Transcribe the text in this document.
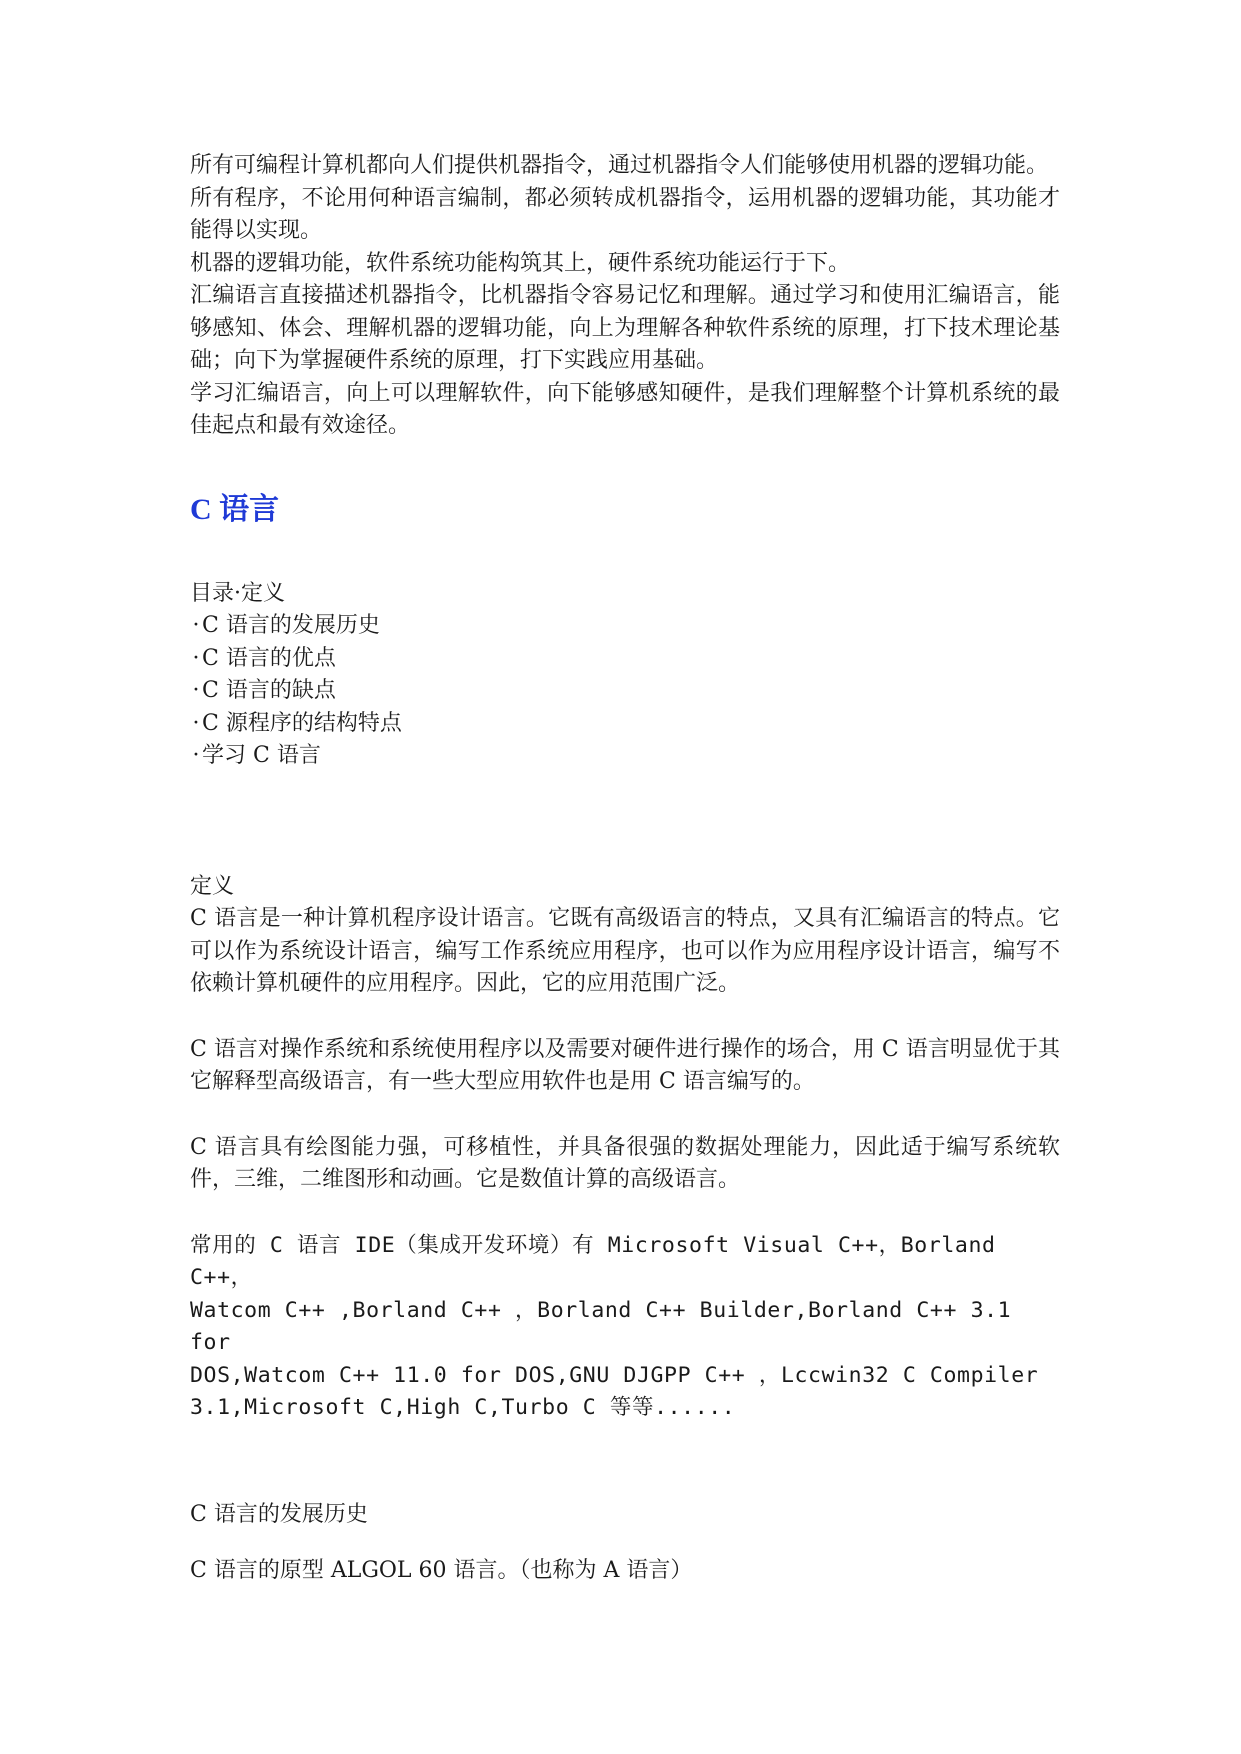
所有可编程计算机都向人们提供机器指令，通过机器指令人们能够使用机器的逻辑功能。

所有程序，不论用何种语言编制，都必须转成机器指令，运用机器的逻辑功能，其功能才能得以实现。

机器的逻辑功能，软件系统功能构筑其上，硬件系统功能运行于下。

汇编语言直接描述机器指令，比机器指令容易记忆和理解。通过学习和使用汇编语言，能够感知、体会、理解机器的逻辑功能，向上为理解各种软件系统的原理，打下技术理论基础；向下为掌握硬件系统的原理，打下实践应用基础。

学习汇编语言，向上可以理解软件，向下能够感知硬件，是我们理解整个计算机系统的最佳起点和最有效途径。

C 语言

目录·定义

· C 语言的发展历史
· C 语言的优点
· C 语言的缺点
· C 源程序的结构特点
· 学习 C 语言

定义

C 语言是一种计算机程序设计语言。它既有高级语言的特点，又具有汇编语言的特点。它可以作为系统设计语言，编写工作系统应用程序，也可以作为应用程序设计语言，编写不依赖计算机硬件的应用程序。因此，它的应用范围广泛。

C 语言对操作系统和系统使用程序以及需要对硬件进行操作的场合，用 C 语言明显优于其它解释型高级语言，有一些大型应用软件也是用 C 语言编写的。

C 语言具有绘图能力强，可移植性，并具备很强的数据处理能力，因此适于编写系统软件，三维，二维图形和动画。它是数值计算的高级语言。

常用的 C 语言 IDE（集成开发环境）有 Microsoft Visual C++，Borland C++，
Watcom C++ ,Borland C++ ，Borland C++ Builder,Borland C++ 3.1 for
DOS,Watcom C++ 11.0 for DOS,GNU DJGPP C++ ，Lccwin32 C Compiler
3.1,Microsoft C,High C,Turbo C 等等......

C 语言的发展历史

C 语言的原型 ALGOL 60 语言。（也称为 A 语言）
